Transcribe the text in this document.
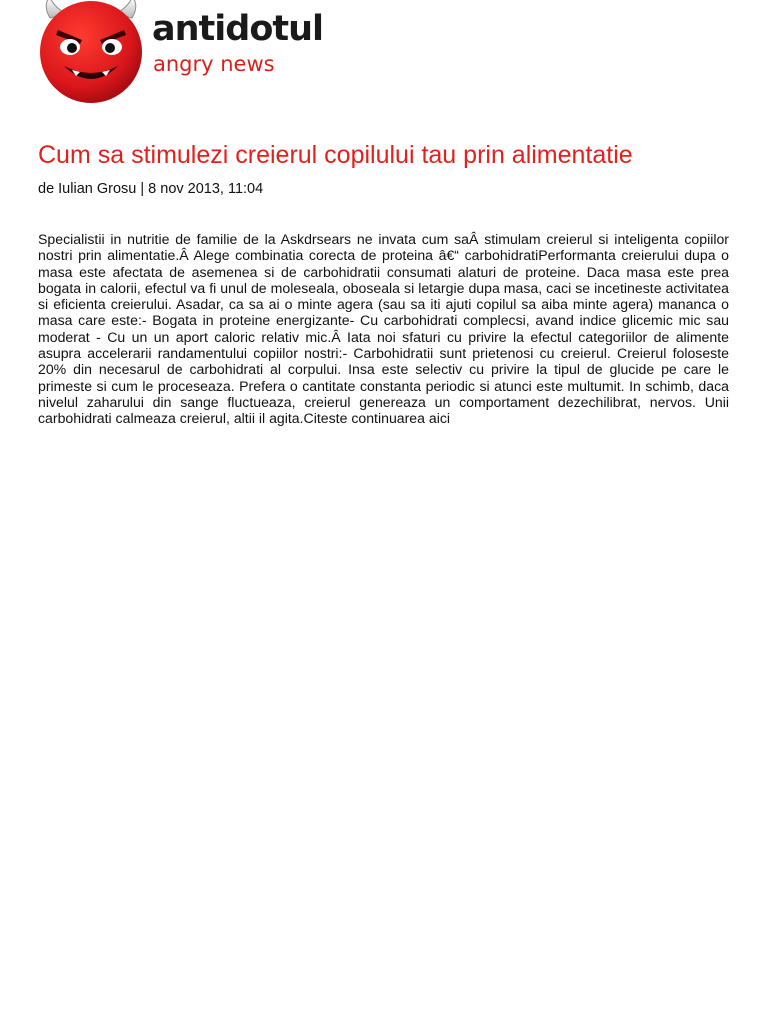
antidotul
angry news
Cum sa stimulezi creierul copilului tau prin alimentatie
de Iulian Grosu | 8 nov 2013, 11:04

Specialistii in nutritie de familie de la Askdrsears ne invata cum saÂ stimulam creierul si inteligenta copiilor nostri prin alimentatie.Â Alege combinatia corecta de proteina â€“ carbohidratiPerformanta creierului dupa o masa este afectata de asemenea si de carbohidratii consumati alaturi de proteine. Daca masa este prea bogata in calorii, efectul va fi unul de moleseala, oboseala si letargie dupa masa, caci se incetineste activitatea si eficienta creierului. Asadar, ca sa ai o minte agera (sau sa iti ajuti copilul sa aiba minte agera) mananca o masa care este:- Bogata in proteine energizante- Cu carbohidrati complecsi, avand indice glicemic mic sau moderat - Cu un un aport caloric relativ mic.Â Iata noi sfaturi cu privire la efectul categoriilor de alimente asupra accelerarii randamentului copiilor nostri:- Carbohidratii sunt prietenosi cu creierul. Creierul foloseste 20% din necesarul de carbohidrati al corpului. Insa este selectiv cu privire la tipul de glucide pe care le primeste si cum le proceseaza. Prefera o cantitate constanta periodic si atunci este multumit. In schimb, daca nivelul zaharului din sange fluctueaza, creierul genereaza un comportament dezechilibrat, nervos. Unii carbohidrati calmeaza creierul, altii il agita.Citeste continuarea aici
